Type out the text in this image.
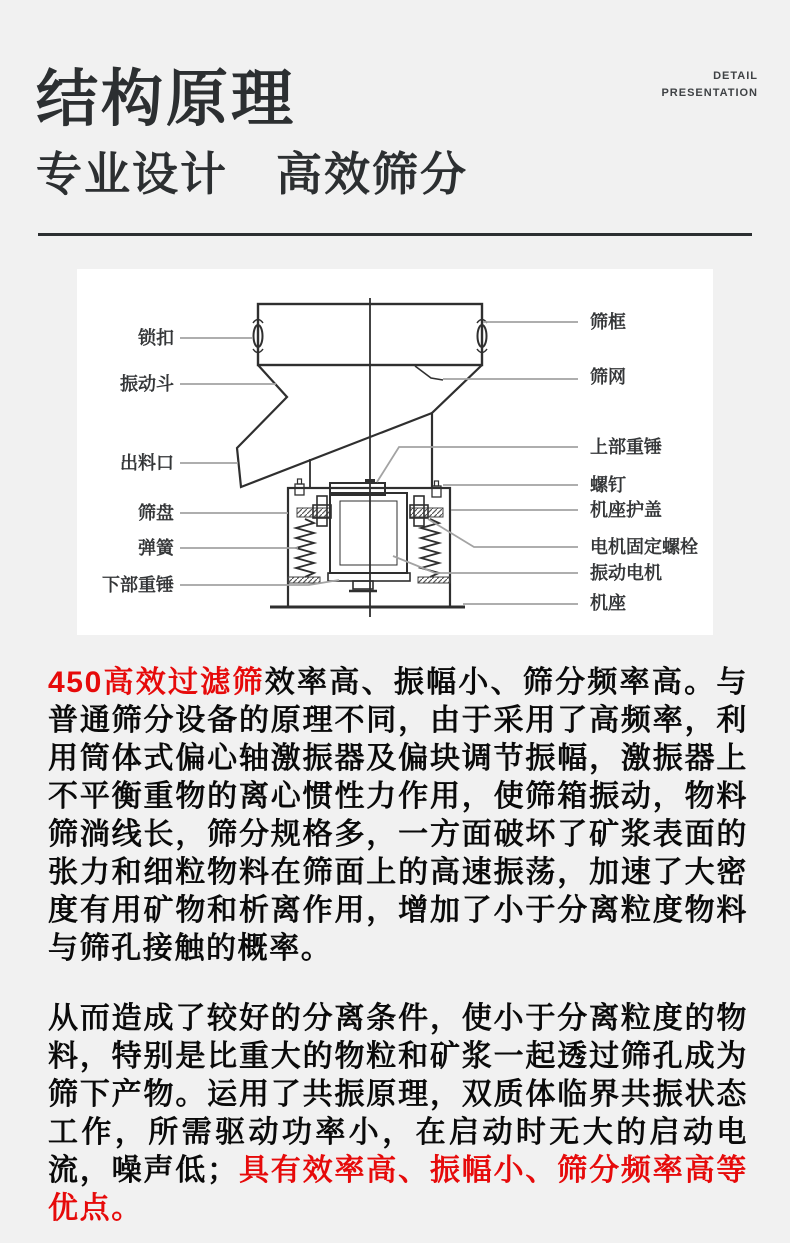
DETAIL
PRESENTATION
结构原理
专业设计　高效筛分
锁扣
振动斗
出料口
筛盘
弹簧
下部重锤
筛框
筛网
上部重锤
螺钉
机座护盖
电机固定螺栓
振动电机
机座

450高效过滤筛效率高、振幅小、筛分频率高。与普通筛分设备的原理不同，由于采用了高频率，利用筒体式偏心轴激振器及偏块调节振幅，激振器上不平衡重物的离心惯性力作用，使筛箱振动，物料筛淌线长，筛分规格多，一方面破坏了矿浆表面的张力和细粒物料在筛面上的高速振荡，加速了大密度有用矿物和析离作用，增加了小于分离粒度物料与筛孔接触的概率。

从而造成了较好的分离条件，使小于分离粒度的物料，特别是比重大的物粒和矿浆一起透过筛孔成为筛下产物。运用了共振原理，双质体临界共振状态工作，所需驱动功率小，在启动时无大的启动电流，噪声低；具有效率高、振幅小、筛分频率高等优点。
